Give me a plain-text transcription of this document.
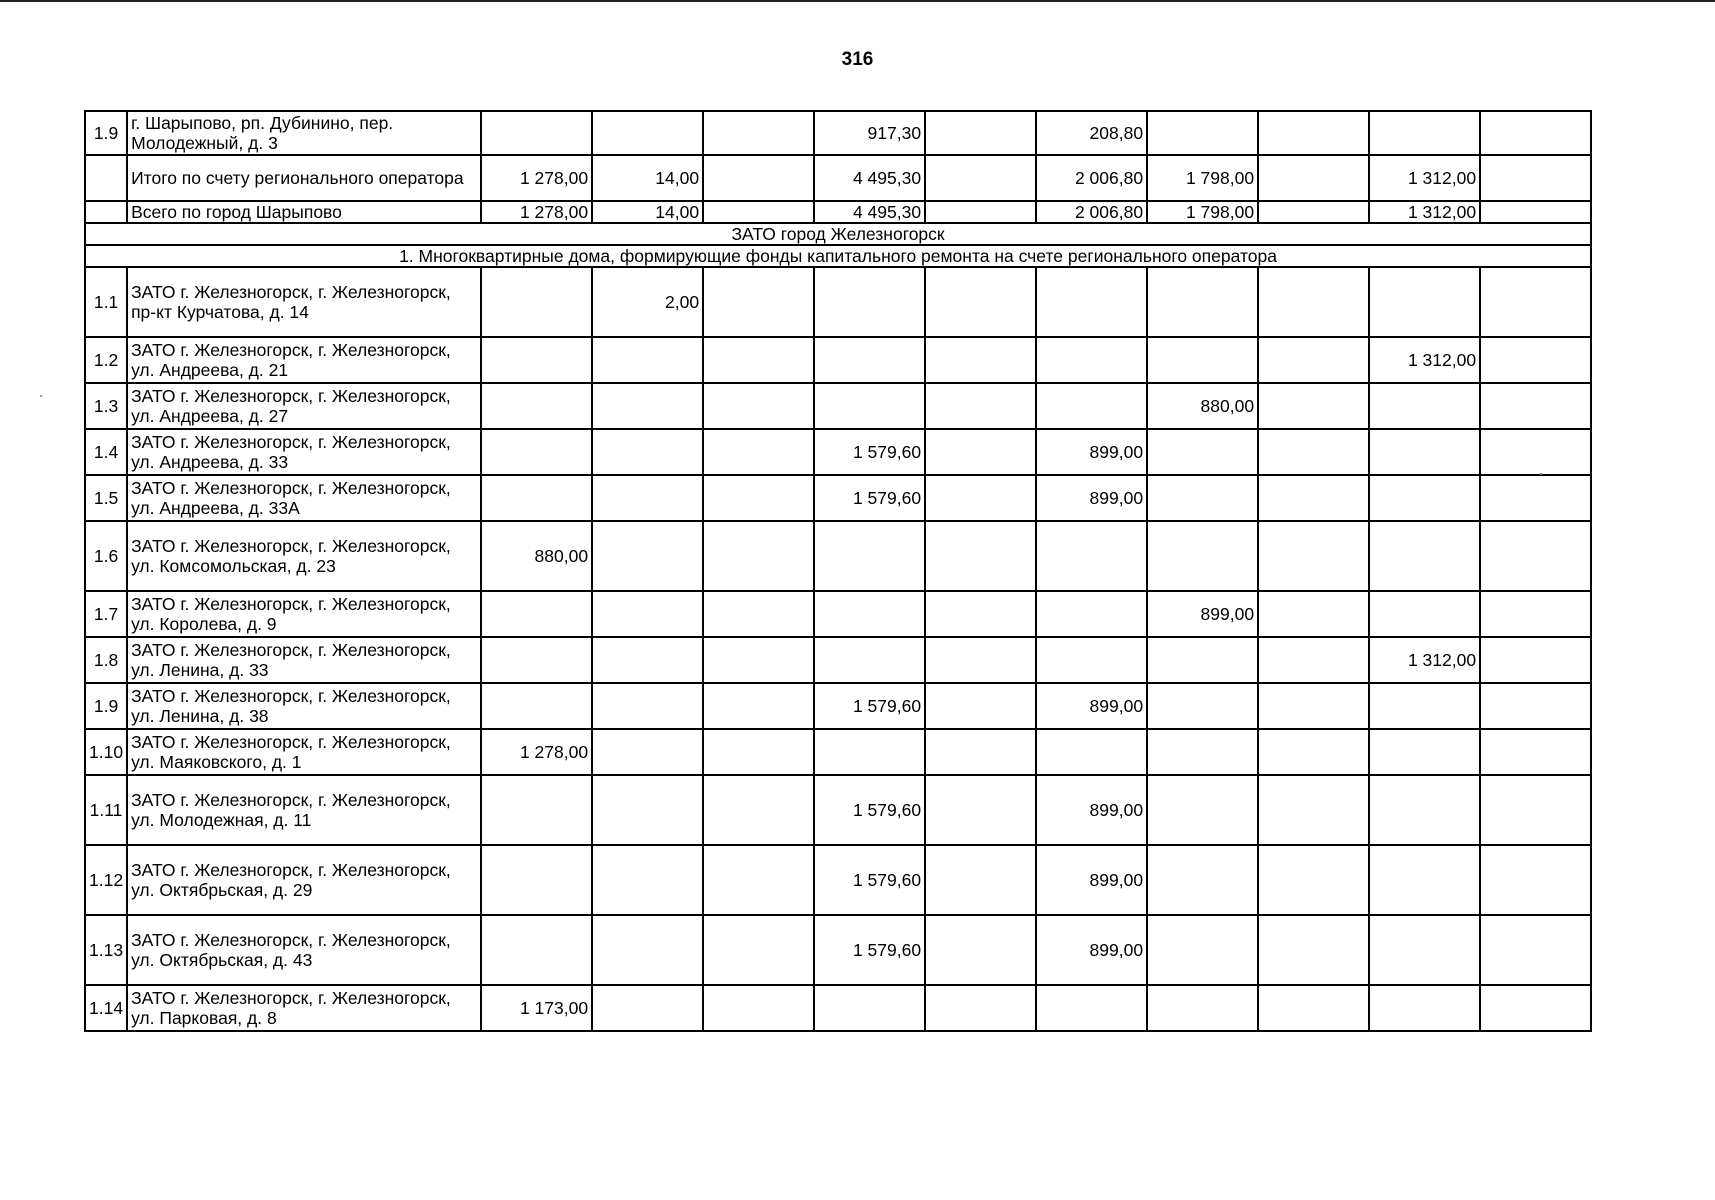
316
1.9	г. Шарыпово, рп. Дубинино, пер. Молодежный, д. 3				917,30		208,80				
	Итого по счету регионального оператора	1 278,00	14,00		4 495,30		2 006,80	1 798,00		1 312,00	
	Всего по город Шарыпово	1 278,00	14,00		4 495,30		2 006,80	1 798,00		1 312,00	
ЗАТО город Железногорск											
1. Многоквартирные дома, формирующие фонды капитального ремонта на счете регионального оператора											
1.1	ЗАТО г. Железногорск, г. Железногорск, пр-кт Курчатова, д. 14		2,00								
1.2	ЗАТО г. Железногорск, г. Железногорск, ул. Андреева, д. 21									1 312,00	
1.3	ЗАТО г. Железногорск, г. Железногорск, ул. Андреева, д. 27							880,00			
1.4	ЗАТО г. Железногорск, г. Железногорск, ул. Андреева, д. 33				1 579,60		899,00				
1.5	ЗАТО г. Железногорск, г. Железногорск, ул. Андреева, д. 33А				1 579,60		899,00				
1.6	ЗАТО г. Железногорск, г. Железногорск, ул. Комсомольская, д. 23	880,00									
1.7	ЗАТО г. Железногорск, г. Железногорск, ул. Королева, д. 9							899,00			
1.8	ЗАТО г. Железногорск, г. Железногорск, ул. Ленина, д. 33									1 312,00	
1.9	ЗАТО г. Железногорск, г. Железногорск, ул. Ленина, д. 38				1 579,60		899,00				
1.10	ЗАТО г. Железногорск, г. Железногорск, ул. Маяковского, д. 1	1 278,00									
1.11	ЗАТО г. Железногорск, г. Железногорск, ул. Молодежная, д. 11				1 579,60		899,00				
1.12	ЗАТО г. Железногорск, г. Железногорск, ул. Октябрьская, д. 29				1 579,60		899,00				
1.13	ЗАТО г. Железногорск, г. Железногорск, ул. Октябрьская, д. 43				1 579,60		899,00				
1.14	ЗАТО г. Железногорск, г. Железногорск, ул. Парковая, д. 8	1 173,00									
